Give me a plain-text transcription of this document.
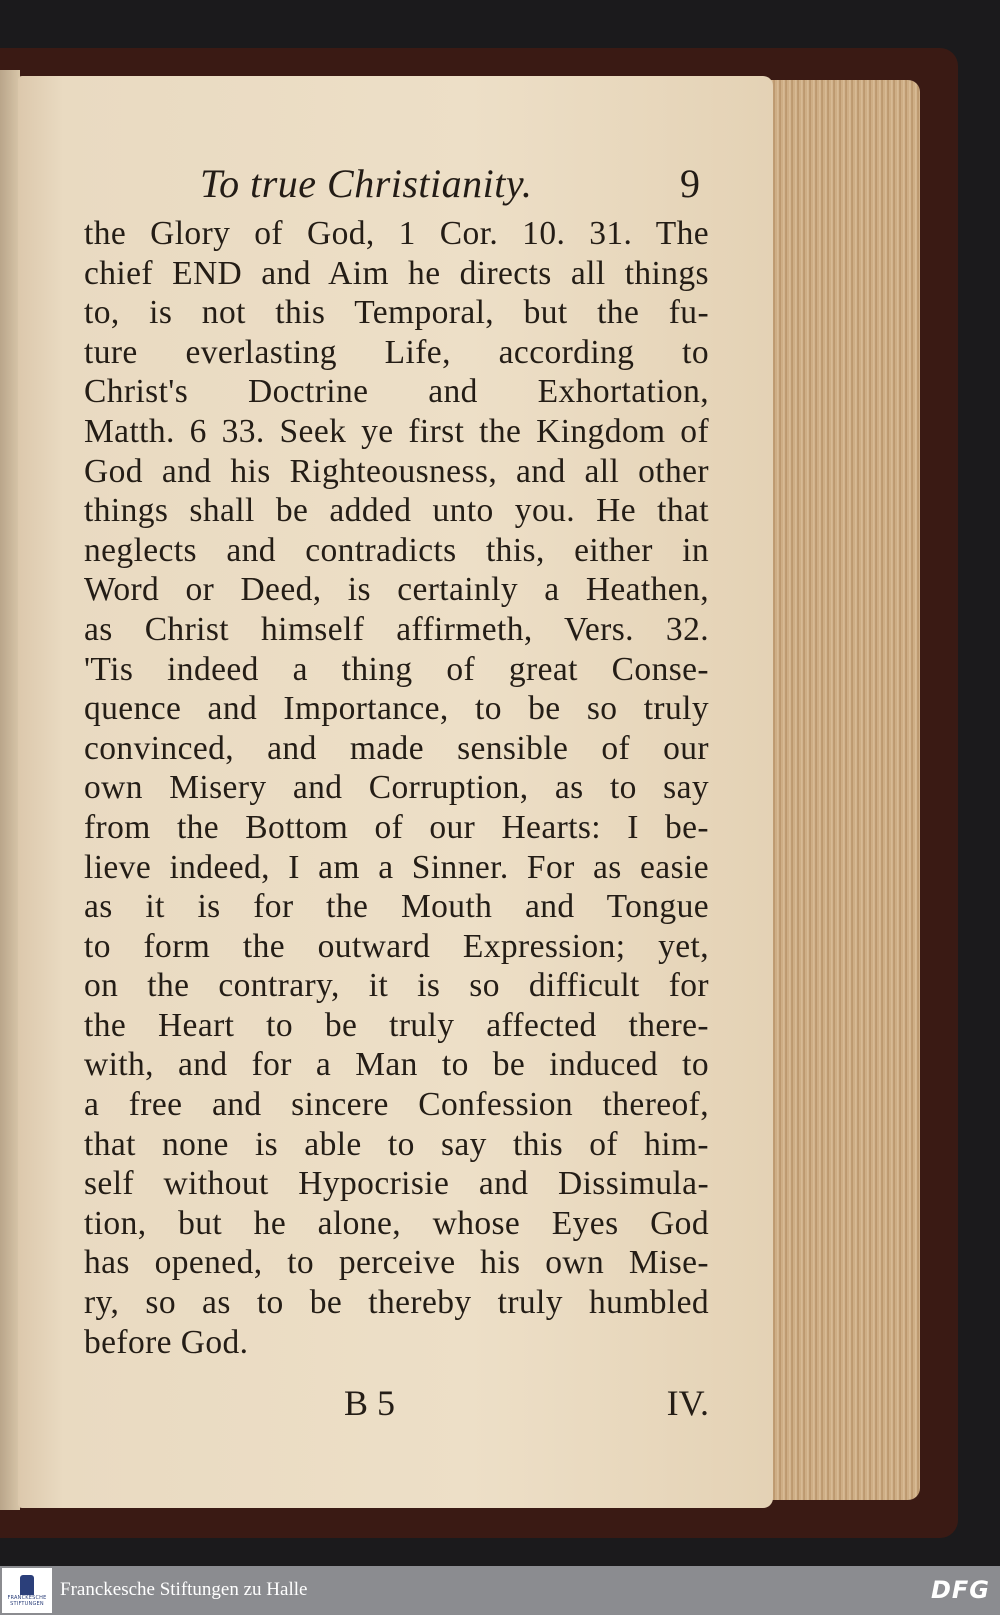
To true Christianity.	9
the Glory of God, 1 Cor. 10. 31. The
chief END and Aim he directs all things
to, is not this Temporal, but the fu-
ture everlasting Life, according to
Christ's Doctrine and Exhortation,
Matth. 6 33. Seek ye first the Kingdom of
God and his Righteousness, and all other
things shall be added unto you. He that
neglects and contradicts this, either in
Word or Deed, is certainly a Heathen,
as Christ himself affirmeth, Vers. 32.
'Tis indeed a thing of great Conse-
quence and Importance, to be so truly
convinced, and made sensible of our
own Misery and Corruption, as to say
from the Bottom of our Hearts: I be-
lieve indeed, I am a Sinner. For as easie
as it is for the Mouth and Tongue
to form the outward Expression; yet,
on the contrary, it is so difficult for
the Heart to be truly affected there-
with, and for a Man to be induced to
a free and sincere Confession thereof,
that none is able to say this of him-
self without Hypocrisie and Dissimula-
tion, but he alone, whose Eyes God
has opened, to perceive his own Mise-
ry, so as to be thereby truly humbled
before God.
B 5	IV.
FRANCKESCHE STIFTUNGEN
Franckesche Stiftungen zu Halle	DFG
